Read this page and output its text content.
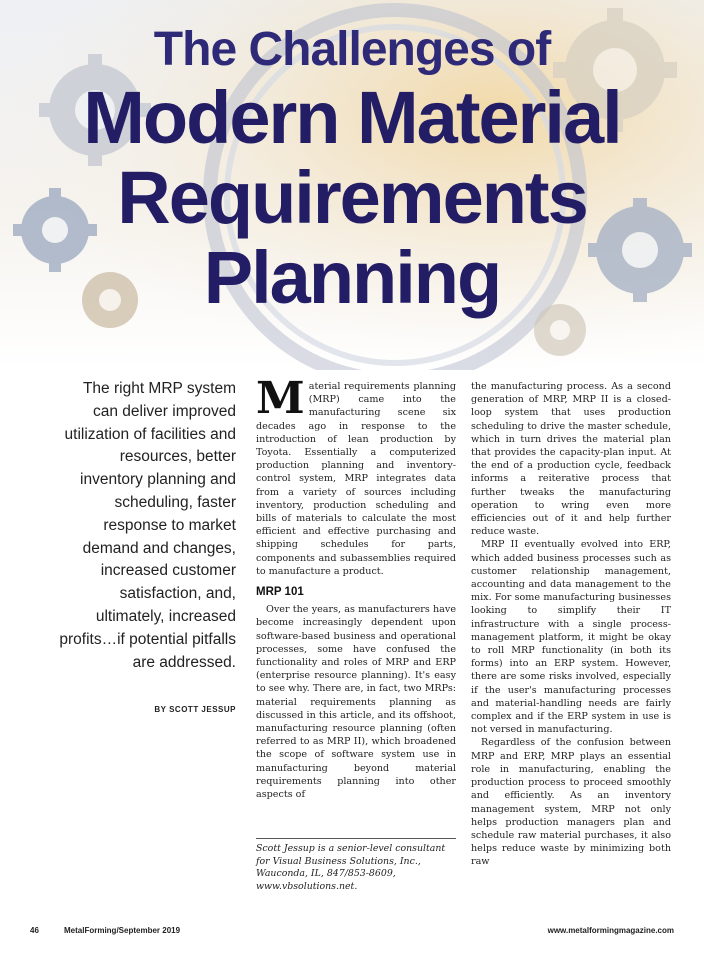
The Challenges of
Modern Material
Requirements
Planning
The right MRP system can deliver improved utilization of facilities and resources, better inventory planning and scheduling, faster response to market demand and changes, increased customer satisfaction, and, ultimately, increased profits…if potential pitfalls are addressed.
BY SCOTT JESSUP

Material requirements planning (MRP) came into the manufacturing scene six decades ago in response to the introduction of lean production by Toyota. Essentially a computerized production planning and inventory-control system, MRP integrates data from a variety of sources including inventory, production scheduling and bills of materials to calculate the most efficient and effective purchasing and shipping schedules for parts, components and subassemblies required to manufacture a product.

MRP 101

Over the years, as manufacturers have become increasingly dependent upon software-based business and operational processes, some have confused the functionality and roles of MRP and ERP (enterprise resource planning). It's easy to see why. There are, in fact, two MRPs: material requirements planning as discussed in this article, and its offshoot, manufacturing resource planning (often referred to as MRP II), which broadened the scope of software system use in manufacturing beyond material requirements planning into other aspects of

Scott Jessup is a senior-level consultant for Visual Business Solutions, Inc., Wauconda, IL, 847/853-8609, www.vbsolutions.net.

the manufacturing process. As a second generation of MRP, MRP II is a closed-loop system that uses production scheduling to drive the master schedule, which in turn drives the material plan that provides the capacity-plan input. At the end of a production cycle, feedback informs a reiterative process that further tweaks the manufacturing operation to wring even more efficiencies out of it and help further reduce waste.

MRP II eventually evolved into ERP, which added business processes such as customer relationship management, accounting and data management to the mix. For some manufacturing businesses looking to simplify their IT infrastructure with a single process-management platform, it might be okay to roll MRP functionality (in both its forms) into an ERP system. However, there are some risks involved, especially if the user's manufacturing processes and material-handling needs are fairly complex and if the ERP system in use is not versed in manufacturing.

Regardless of the confusion between MRP and ERP, MRP plays an essential role in manufacturing, enabling the production process to proceed smoothly and efficiently. As an inventory management system, MRP not only helps production managers plan and schedule raw material purchases, it also helps reduce waste by minimizing both raw

46	MetalForming/September 2019	www.metalformingmagazine.com
